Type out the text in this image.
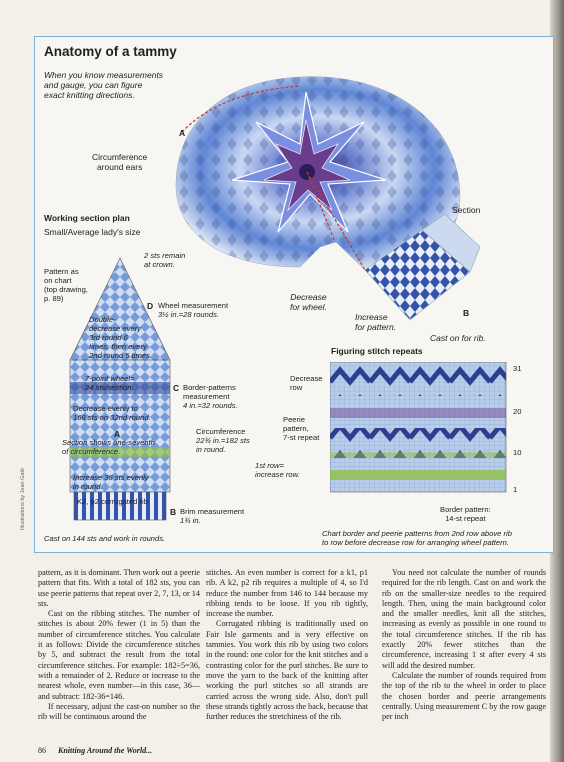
Anatomy of a tammy
When you know measurements
and gauge, you can figure
exact knitting directions.
Circumference
around ears
A
Section
Decrease
for wheel.
Increase
for pattern.
Cast on for rib.
B
Working section plan
Small/Average lady's size
2 sts remain
at crown.
Pattern as
on chart
(top drawing,
p. 89)
Double-
decrease every
3rd round 6
times, then every
2nd round 5 times.
D Wheel measurement
3½ in.=28 rounds.
7-point wheel=
24 sts/section.
Decrease evenly to
168 sts on 32nd round.
C Border-patterns
measurement
4 in.=32 rounds.
A
Section shows one-seventh
of circumference.
Circumference
22¾ in.=182 sts
in round.
Increase 38 sts evenly
in round.
K2, p2 corrugated rib
B Brim measurement
1¾ in.
Cast on 144 sts and work in rounds.
Illustrations by Jean Gatti
Figuring stitch repeats
Decrease
row
Peerie
pattern,
7-st repeat
1st row=
increase row.
31
20
10
1
Border pattern:
14-st repeat
Chart border and peerie patterns from 2nd row above rib
to row before decrease row for arranging wheel pattern.

pattern, as it is dominant. Then work out a peerie pattern that fits. With a total of 182 sts, you can use peerie patterns that repeat over 2, 7, 13, or 14 sts.

Cast on the ribbing stitches. The number of stitches is about 20% fewer (1 in 5) than the number of circumference stitches. You calculate it as follows: Divide the circumference stitches by 5, and subtract the result from the total circumference stitches. For example: 182÷5=36, with a remainder of 2. Reduce or increase to the nearest whole, even number—in this case, 36—and subtract: 182-36=146.

If necessary, adjust the cast-on number so the rib will be continuous around the

stitches. An even number is correct for a k1, p1 rib. A k2, p2 rib requires a multiple of 4, so I'd reduce the number from 146 to 144 because my ribbing tends to be loose. If you rib tightly, increase the number.

Corrugated ribbing is traditionally used on Fair Isle garments and is very effective on tammies. You work this rib by using two colors in the round: one color for the knit stitches and a contrasting color for the purl stitches. Be sure to move the yarn to the back of the knitting after working the purl stitches so all strands are carried across the wrong side. Also, don't pull these strands tightly across the back, because that further reduces the stretchiness of the rib.

You need not calculate the number of rounds required for the rib length. Cast on and work the rib on the smaller-size needles to the required length. Then, using the main background color and the smaller needles, knit all the stitches, increasing as evenly as possible in one round to the total circumference stitches. If the rib has exactly 20% fewer stitches than the circumference, increasing 1 st after every 4 sts will add the desired number.

Calculate the number of rounds required from the top of the rib to the wheel in order to place the chosen border and peerie arrangements centrally. Using measurement C by the row gauge per inch

86 Knitting Around the World...
